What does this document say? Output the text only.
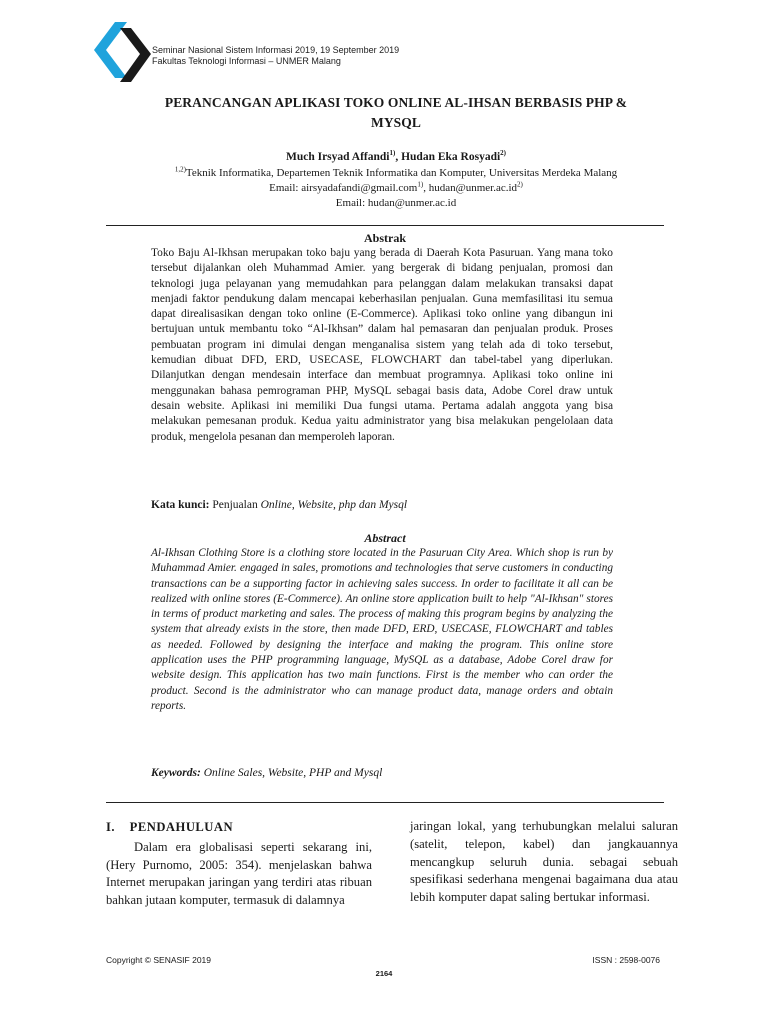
Seminar Nasional Sistem Informasi 2019, 19 September 2019
Fakultas Teknologi Informasi – UNMER Malang
PERANCANGAN APLIKASI TOKO ONLINE AL-IHSAN BERBASIS PHP &
MYSQL
Much Irsyad Affandi$^{1)}$, Hudan Eka Rosyadi$^{2)}$
$^{1,2)}$Teknik Informatika, Departemen Teknik Informatika dan Komputer, Universitas Merdeka Malang
Email: airsyadafandi@gmail.com$^{1)}$, $hudan@unmer.ac.id^{2)}$
Email: hudan@unmer.ac.id
Abstrak
Toko Baju Al-Ikhsan merupakan toko baju yang berada di Daerah Kota Pasuruan. Yang mana toko tersebut dijalankan oleh Muhammad Amier. yang bergerak di bidang penjualan, promosi dan teknologi juga pelayanan yang memudahkan para pelanggan dalam melakukan transaksi dapat menjadi faktor pendukung dalam mencapai keberhasilan penjualan. Guna memfasilitasi itu semua dapat direalisasikan dengan toko online (E-Commerce). Aplikasi toko online yang dibangun ini bertujuan untuk membantu toko “Al-Ikhsan” dalam hal pemasaran dan penjualan produk. Proses pembuatan program ini dimulai dengan menganalisa sistem yang telah ada di toko tersebut, kemudian dibuat DFD, ERD, USECASE, FLOWCHART dan tabel-tabel yang diperlukan. Dilanjutkan dengan mendesain interface dan membuat programnya. Aplikasi toko online ini menggunakan bahasa pemrograman PHP, MySQL sebagai basis data, Adobe Corel draw untuk desain website. Aplikasi ini memiliki Dua fungsi utama. Pertama adalah anggota yang bisa melakukan pemesanan produk. Kedua yaitu administrator yang bisa melakukan pengelolaan data produk, mengelola pesanan dan memperoleh laporan.
Kata kunci: Penjualan Online, Website, php dan Mysql
Abstract
Al-Ikhsan Clothing Store is a clothing store located in the Pasuruan City Area. Which shop is run by Muhammad Amier. engaged in sales, promotions and technologies that serve customers in conducting transactions can be a supporting factor in achieving sales success. In order to facilitate it all can be realized with online stores (E-Commerce). An online store application built to help "Al-Ikhsan" stores in terms of product marketing and sales. The process of making this program begins by analyzing the system that already exists in the store, then made DFD, ERD, USECASE, FLOWCHART and tables as needed. Followed by designing the interface and making the program. This online store application uses the PHP programming language, MySQL as a database, Adobe Corel draw for website design. This application has two main functions. First is the member who can order the product. Second is the administrator who can manage product data, manage orders and obtain reports.
Keywords: Online Sales, Website, PHP and Mysql
I.    PENDAHULUAN
Dalam era globalisasi seperti sekarang ini, (Hery Purnomo, 2005: 354). menjelaskan bahwa Internet merupakan jaringan yang terdiri atas ribuan bahkan jutaan komputer, termasuk di dalamnya
jaringan lokal, yang terhubungkan melalui saluran (satelit, telepon, kabel) dan jangkauannya mencangkup seluruh dunia. sebagai sebuah spesifikasi sederhana mengenai bagaimana dua atau lebih komputer dapat saling bertukar informasi.
Copyright © SENASIF 2019	ISSN : 2598-0076
2164
